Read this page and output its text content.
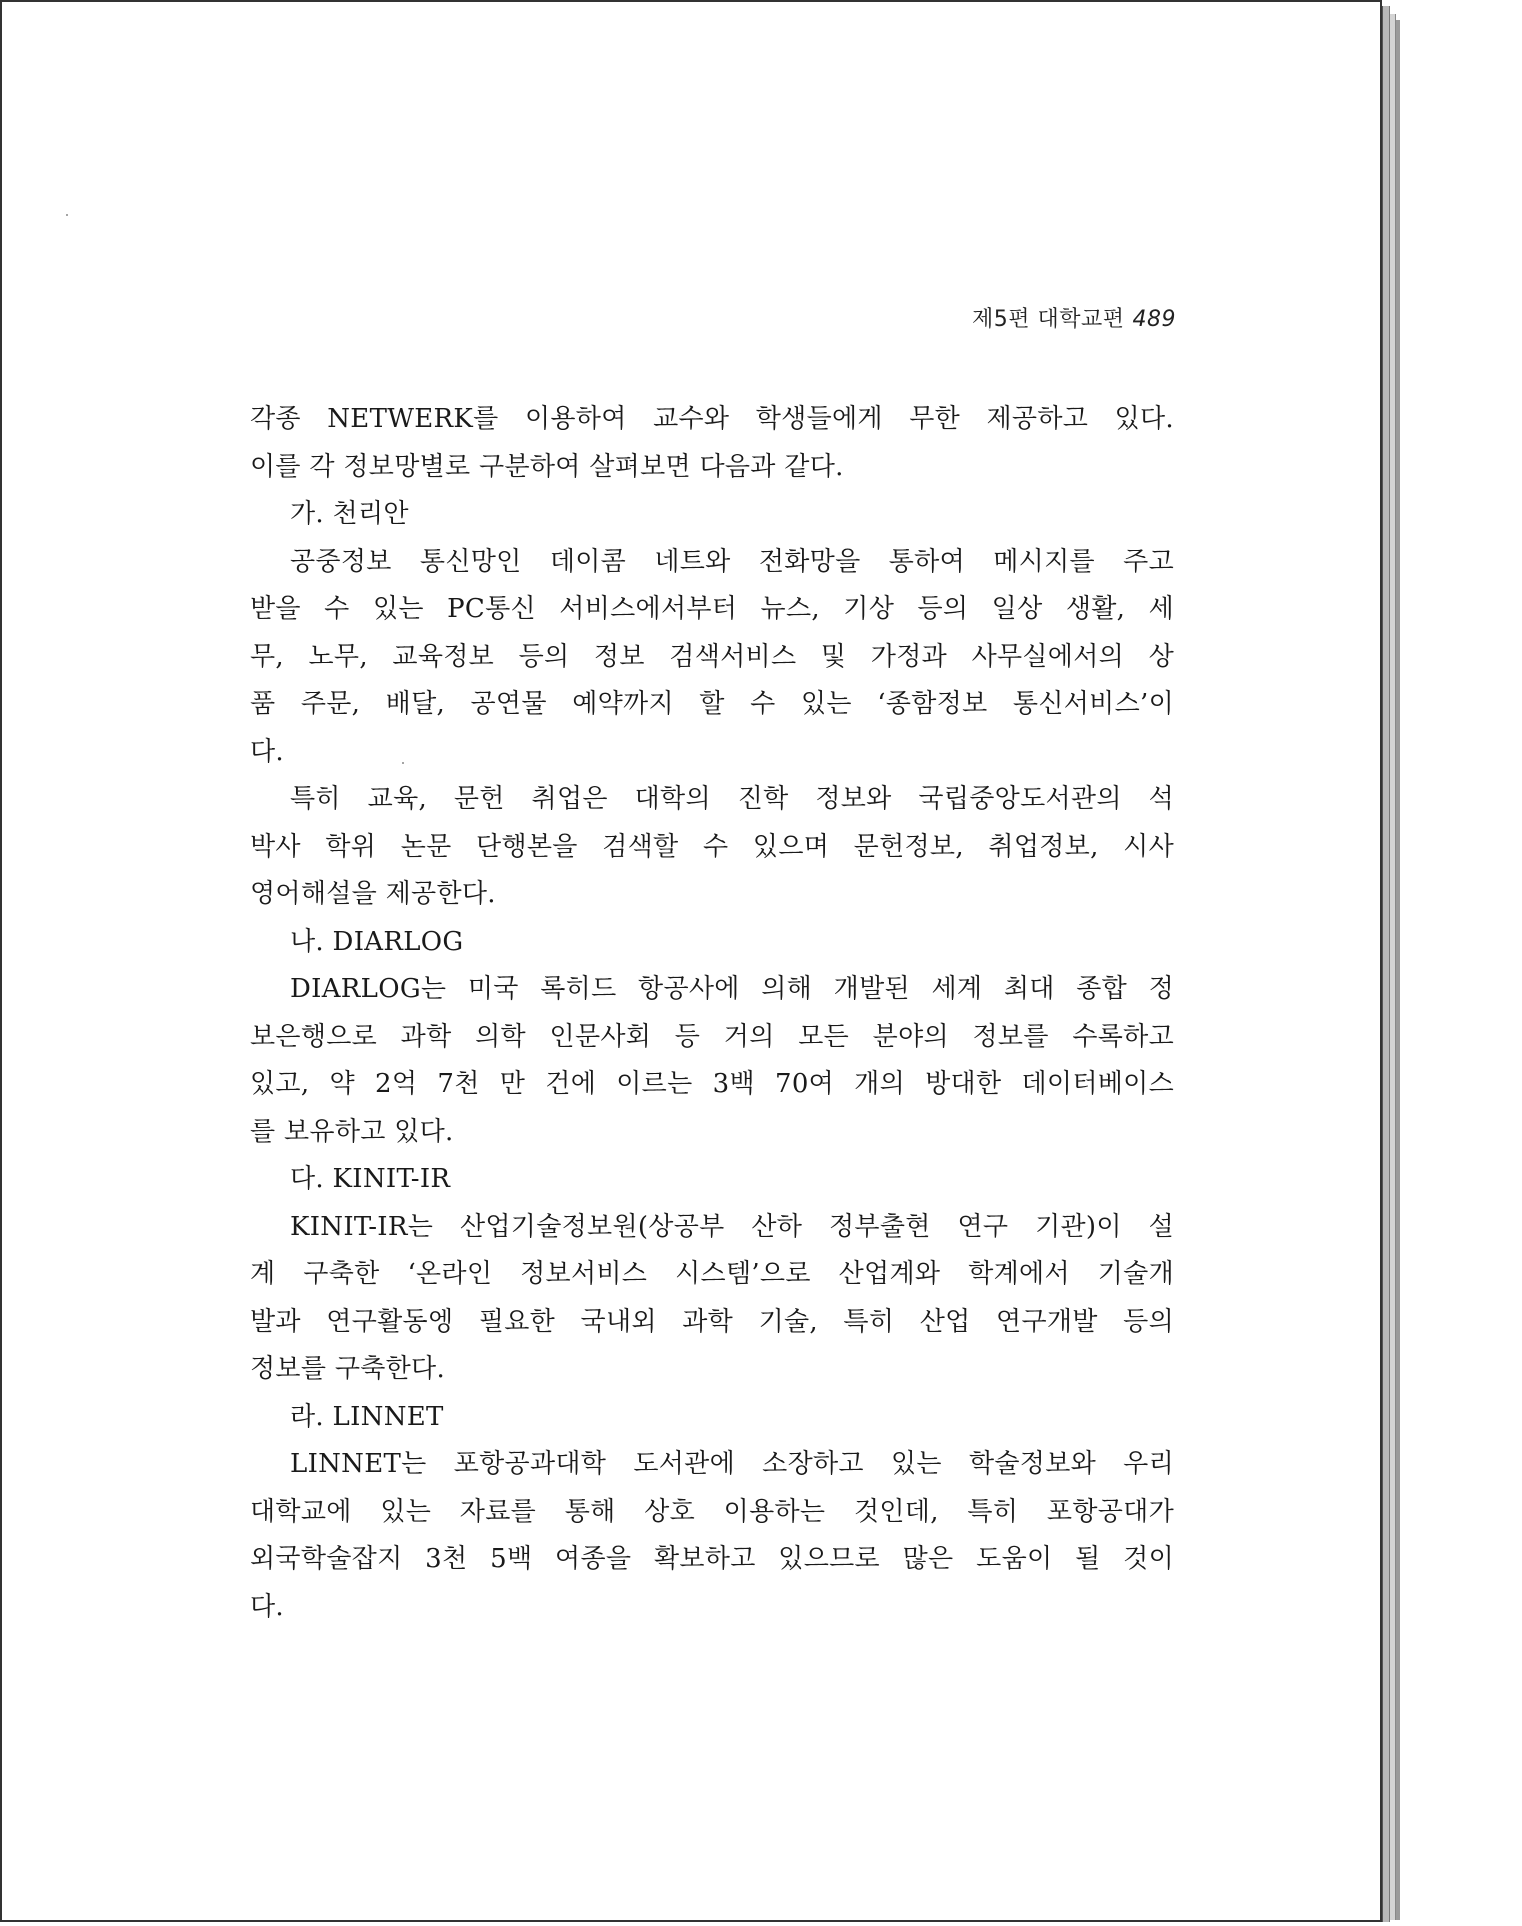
제5편 대학교편 489
각종 NETWERK를 이용하여 교수와 학생들에게 무한 제공하고 있다.
이를 각 정보망별로 구분하여 살펴보면 다음과 같다.
가. 천리안
공중정보 통신망인 데이콤 네트와 전화망을 통하여 메시지를 주고
받을 수 있는 PC통신 서비스에서부터 뉴스, 기상 등의 일상 생활, 세
무, 노무, 교육정보 등의 정보 검색서비스 및 가정과 사무실에서의 상
품 주문, 배달, 공연물 예약까지 할 수 있는 ‘종함정보 통신서비스’이
다.
특히 교육, 문헌 취업은 대학의 진학 정보와 국립중앙도서관의 석
박사 학위 논문 단행본을 검색할 수 있으며 문헌정보, 취업정보, 시사
영어해설을 제공한다.
나. DIARLOG
DIARLOG는 미국 록히드 항공사에 의해 개발된 세계 최대 종합 정
보은행으로 과학 의학 인문사회 등 거의 모든 분야의 정보를 수록하고
있고, 약 2억 7천 만 건에 이르는 3백 70여 개의 방대한 데이터베이스
를 보유하고 있다.
다. KINIT-IR
KINIT-IR는 산업기술정보원(상공부 산하 정부출현 연구 기관)이 설
계 구축한 ‘온라인 정보서비스 시스템’으로 산업계와 학계에서 기술개
발과 연구활동엥 필요한 국내외 과학 기술, 특히 산업 연구개발 등의
정보를 구축한다.
라. LINNET
LINNET는 포항공과대학 도서관에 소장하고 있는 학술정보와 우리
대학교에 있는 자료를 통해 상호 이용하는 것인데, 특히 포항공대가
외국학술잡지 3천 5백 여종을 확보하고 있으므로 많은 도움이 될 것이
다.
